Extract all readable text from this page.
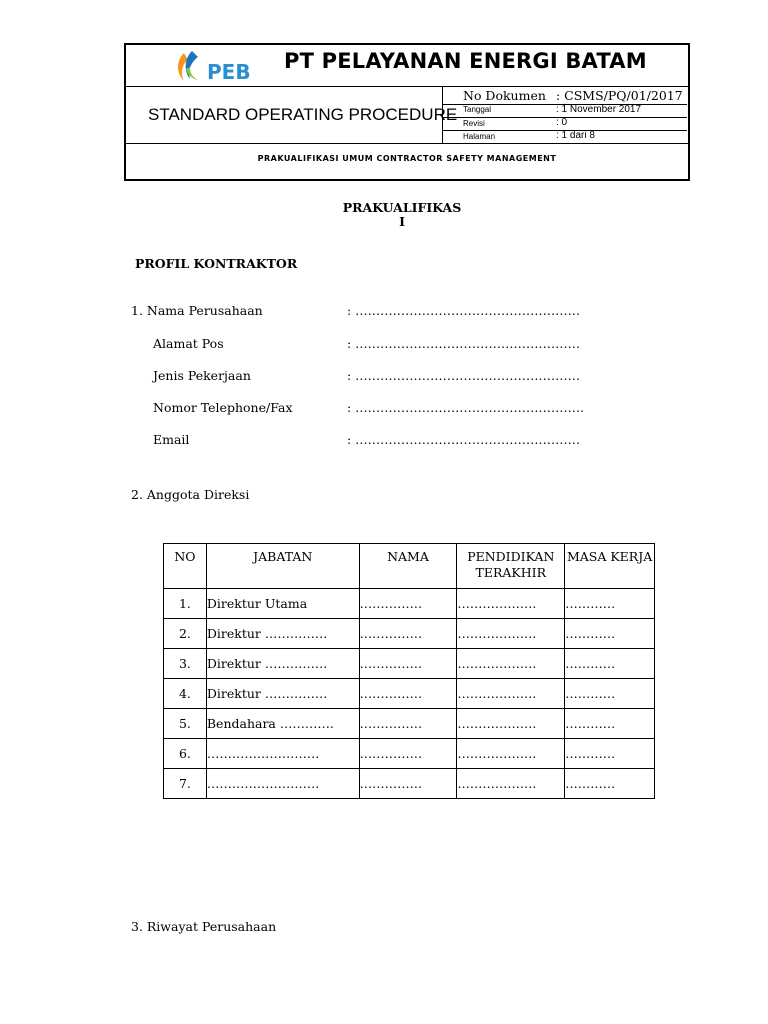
PEB PT PELAYANAN ENERGI BATAM
STANDARD OPERATING PROCEDURE
No Dokumen : CSMS/PQ/01/2017
Tanggal	: 1 November 2017
Revisi	: 0
Halaman	: 1 dari 8
PRAKUALIFIKASI UMUM CONTRACTOR SAFETY MANAGEMENT
PRAKUALIFIKAS
I
PROFIL KONTRAKTOR
1. Nama Perusahaan	: ………………………………………………
Alamat Pos	: ………………………………………………
Jenis Pekerjaan	: ………………………………………………
Nomor Telephone/Fax	: ……………………………………………….
Email	: ………………………………………………
2. Anggota Direksi
NO	JABATAN	NAMA	PENDIDIKAN TERAKHIR	MASA KERJA
1.	Direktur Utama	……………	……………….	…………
2.	Direktur ……………	……………	……………….	…………
3.	Direktur ……………	……………	……………….	…………
4.	Direktur ……………	……………	……………….	…………
5.	Bendahara ………….	……………	……………….	…………
6.	………………………	……………	……………….	…………
7.	………………………	……………	……………….	…………
3. Riwayat Perusahaan
